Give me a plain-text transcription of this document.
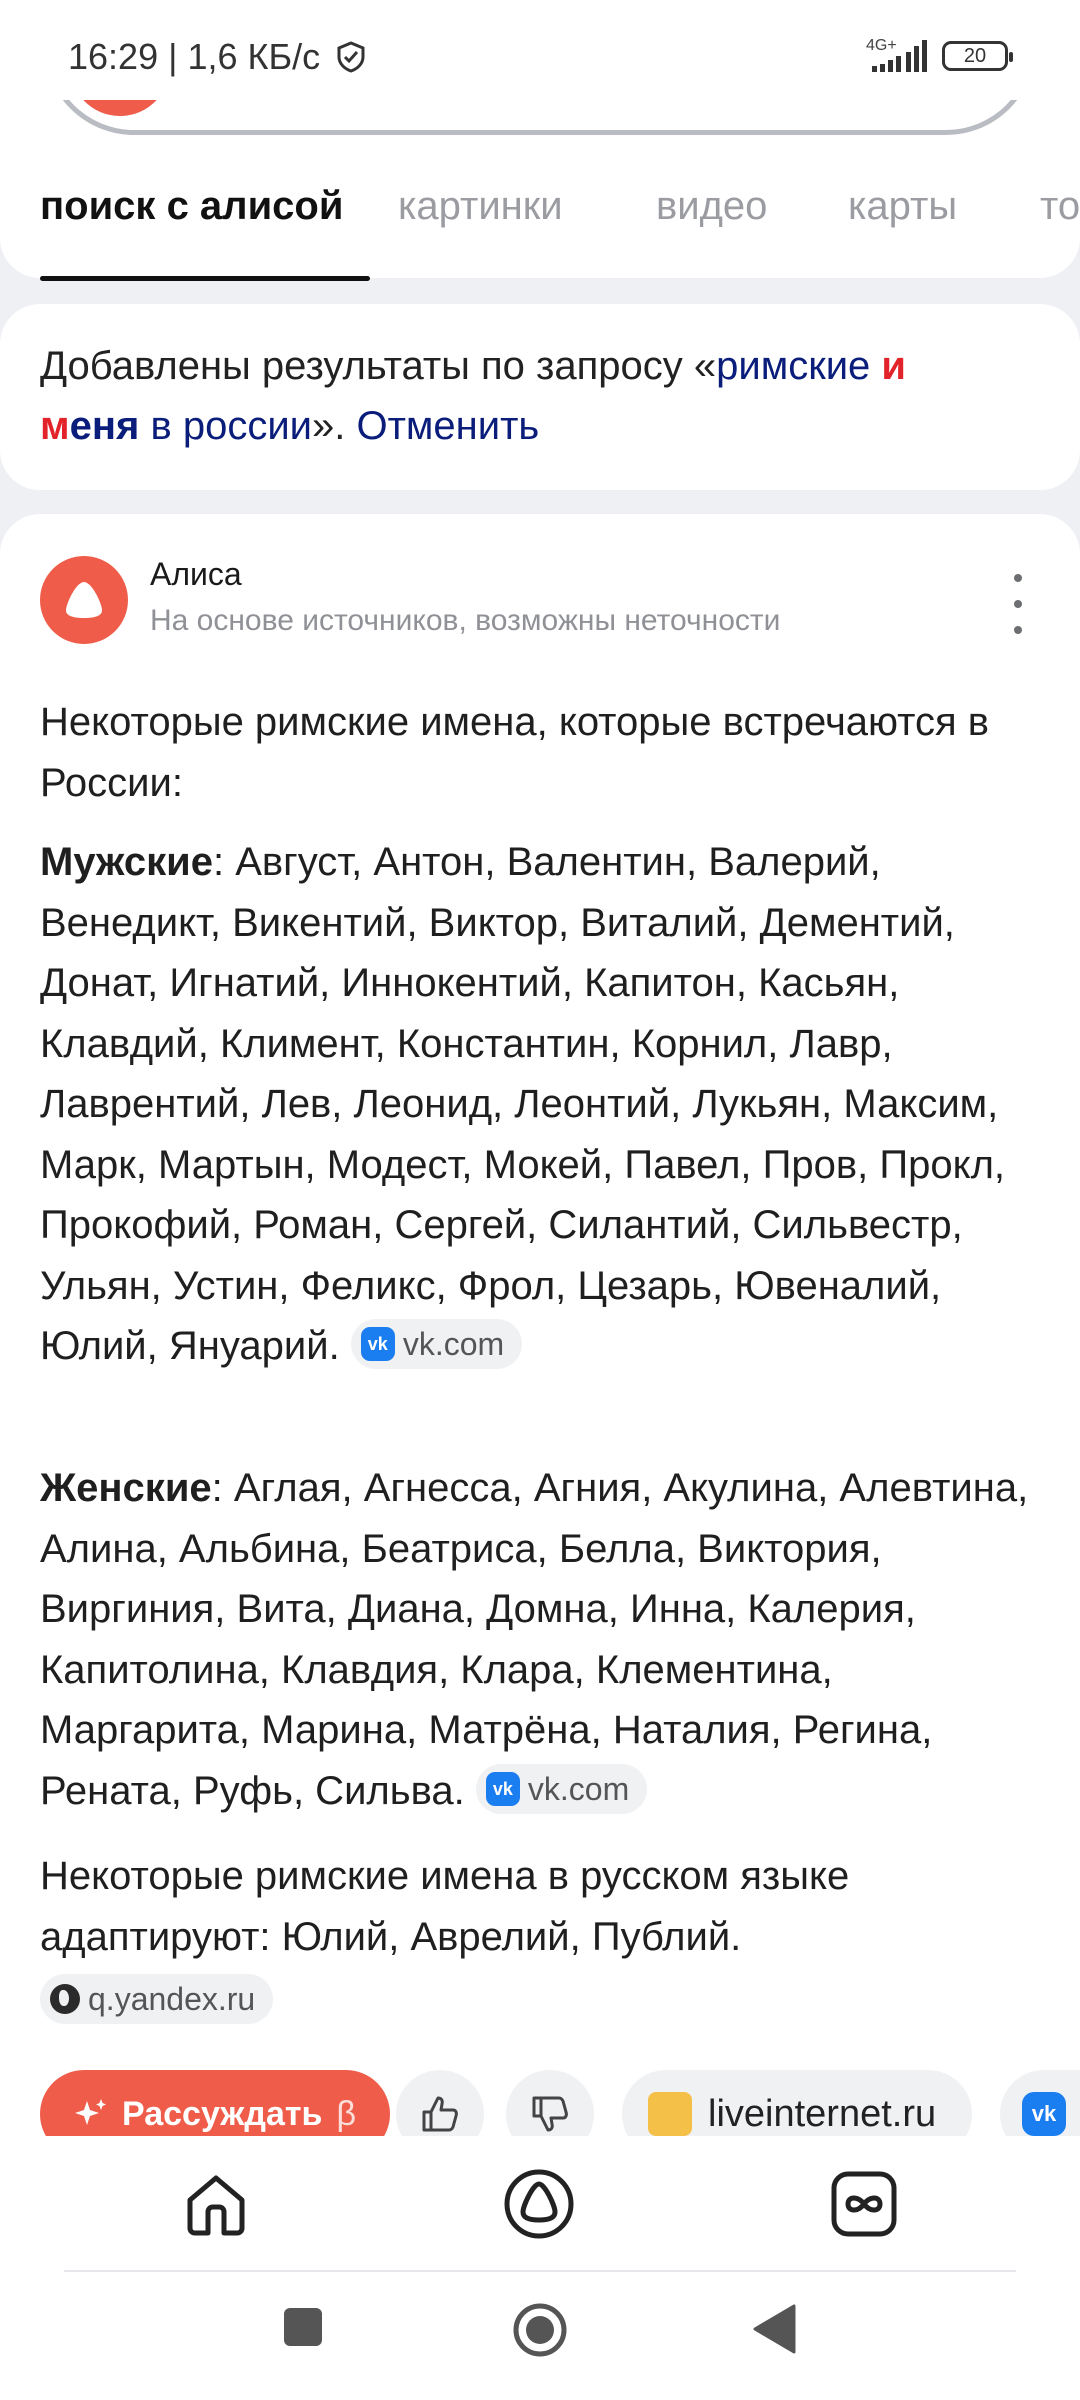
16:29 | 1,6 КБ/с	4G+	20
поиск с алисой картинки видео карты то
Добавлены результаты по запросу «римские и
меня в россии». Отменить
Алиса
На основе источников, возможны неточности
Некоторые римские имена, которые встречаются в России:
Мужские: Август, Антон, Валентин, Валерий, Венедикт, Викентий, Виктор, Виталий, Дементий, Донат, Игнатий, Иннокентий, Капитон, Касьян, Клавдий, Климент, Константин, Корнил, Лавр, Лаврентий, Лев, Леонид, Леонтий, Лукьян, Максим, Марк, Мартын, Модест, Мокей, Павел, Пров, Прокл, Прокофий, Роман, Сергей, Силантий, Сильвестр, Ульян, Устин, Феликс, Фрол, Цезарь, Ювеналий, Юлий, Януарий.	vk vk.com
Женские: Аглая, Агнесса, Агния, Акулина, Алевтина, Алина, Альбина, Беатриса, Белла, Виктория, Виргиния, Вита, Диана, Домна, Инна, Калерия, Капитолина, Клавдия, Клара, Клементина, Маргарита, Марина, Матрёна, Наталия, Регина, Рената, Руфь, Сильва.	vk vk.com
Некоторые римские имена в русском языке адаптируют: Юлий, Аврелий, Публий.

q.yandex.ru
Рассуждать β	liveinternet.ru	vk
